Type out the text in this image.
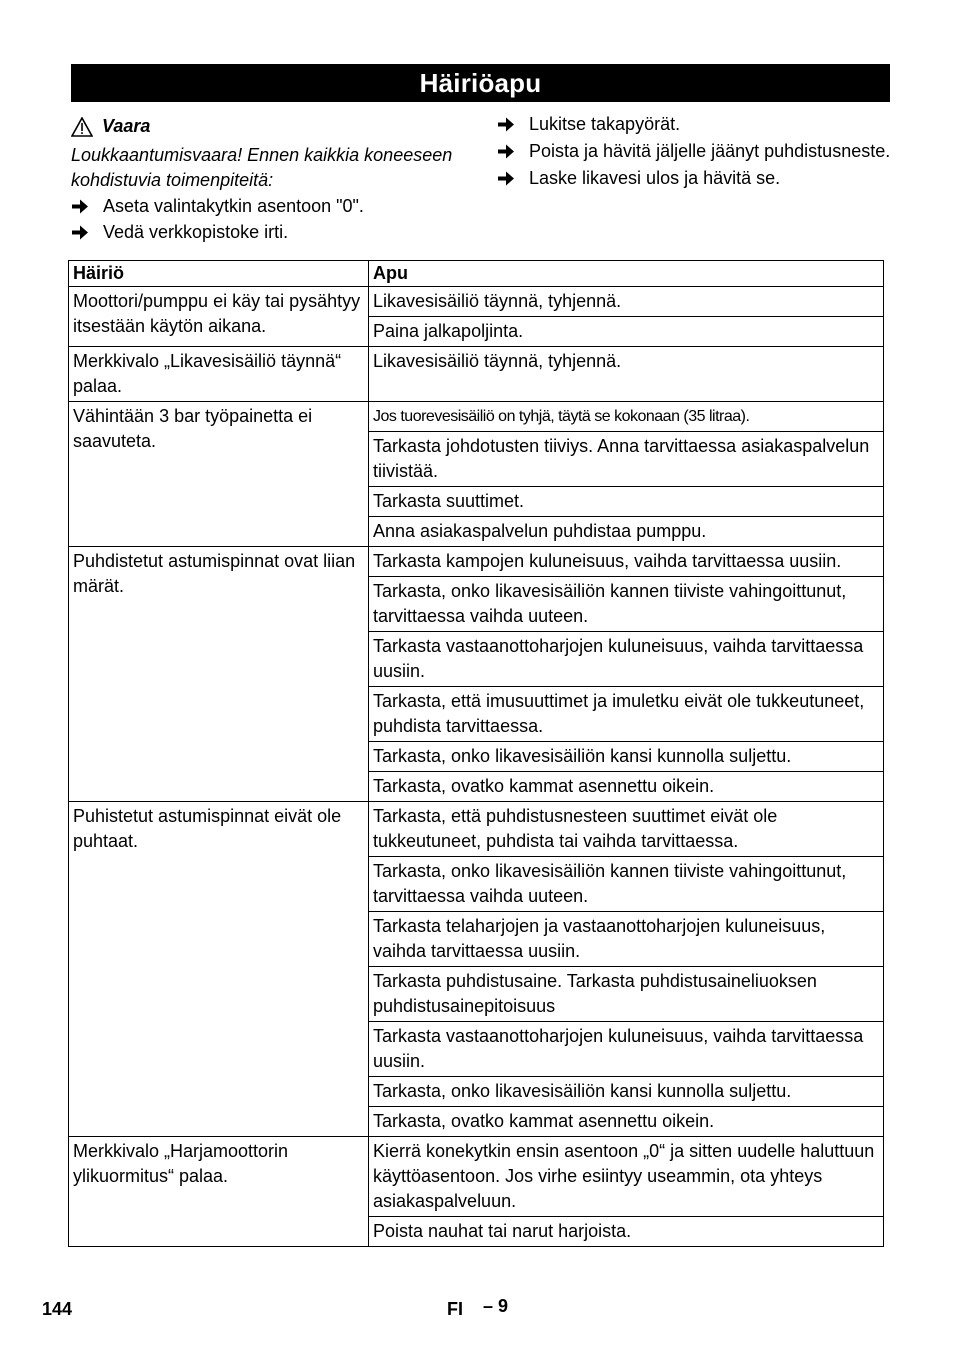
Häiriöapu
Vaara
Loukkaantumisvaara! Ennen kaikkia koneeseen kohdistuvia toimenpiteitä:
Aseta valintakytkin asentoon "0".
Vedä verkkopistoke irti.
Lukitse takapyörät.
Poista ja hävitä jäljelle jäänyt puhdistusneste.
Laske likavesi ulos ja hävitä se.
Häiriö	Apu
Moottori/pumppu ei käy tai pysähtyy itsestään käytön aikana.	Likavesisäiliö täynnä, tyhjennä.
	Paina jalkapoljinta.
Merkkivalo „Likavesisäiliö täynnä“ palaa.	Likavesisäiliö täynnä, tyhjennä.
Vähintään 3 bar työpainetta ei saavuteta.	Jos tuorevesisäiliö on tyhjä, täytä se kokonaan (35 litraa).
	Tarkasta johdotusten tiiviys. Anna tarvittaessa asiakaspalvelun tiivistää.
	Tarkasta suuttimet.
	Anna asiakaspalvelun puhdistaa pumppu.
Puhdistetut astumispinnat ovat liian märät.	Tarkasta kampojen kuluneisuus, vaihda tarvittaessa uusiin.
	Tarkasta, onko likavesisäiliön kannen tiiviste vahingoittunut, tarvittaessa vaihda uuteen.
	Tarkasta vastaanottoharjojen kuluneisuus, vaihda tarvittaessa uusiin.
	Tarkasta, että imusuuttimet ja imuletku eivät ole tukkeutuneet, puhdista tarvittaessa.
	Tarkasta, onko likavesisäiliön kansi kunnolla suljettu.
	Tarkasta, ovatko kammat asennettu oikein.
Puhistetut astumispinnat eivät ole puhtaat.	Tarkasta, että puhdistusnesteen suuttimet eivät ole tukkeutuneet, puhdista tai vaihda tarvittaessa.
	Tarkasta, onko likavesisäiliön kannen tiiviste vahingoittunut, tarvittaessa vaihda uuteen.
	Tarkasta telaharjojen ja vastaanottoharjojen kuluneisuus, vaihda tarvittaessa uusiin.
	Tarkasta puhdistusaine. Tarkasta puhdistusaineliuoksen puhdistusainepitoisuus
	Tarkasta vastaanottoharjojen kuluneisuus, vaihda tarvittaessa uusiin.
	Tarkasta, onko likavesisäiliön kansi kunnolla suljettu.
	Tarkasta, ovatko kammat asennettu oikein.
Merkkivalo „Harjamoottorin ylikuormitus“ palaa.	Kierrä konekytkin ensin asentoon „0“ ja sitten uudelle haluttuun käyttöasentoon. Jos virhe esiintyy useammin, ota yhteys asiakaspalveluun.
	Poista nauhat tai narut harjoista.
144	FI – 9
